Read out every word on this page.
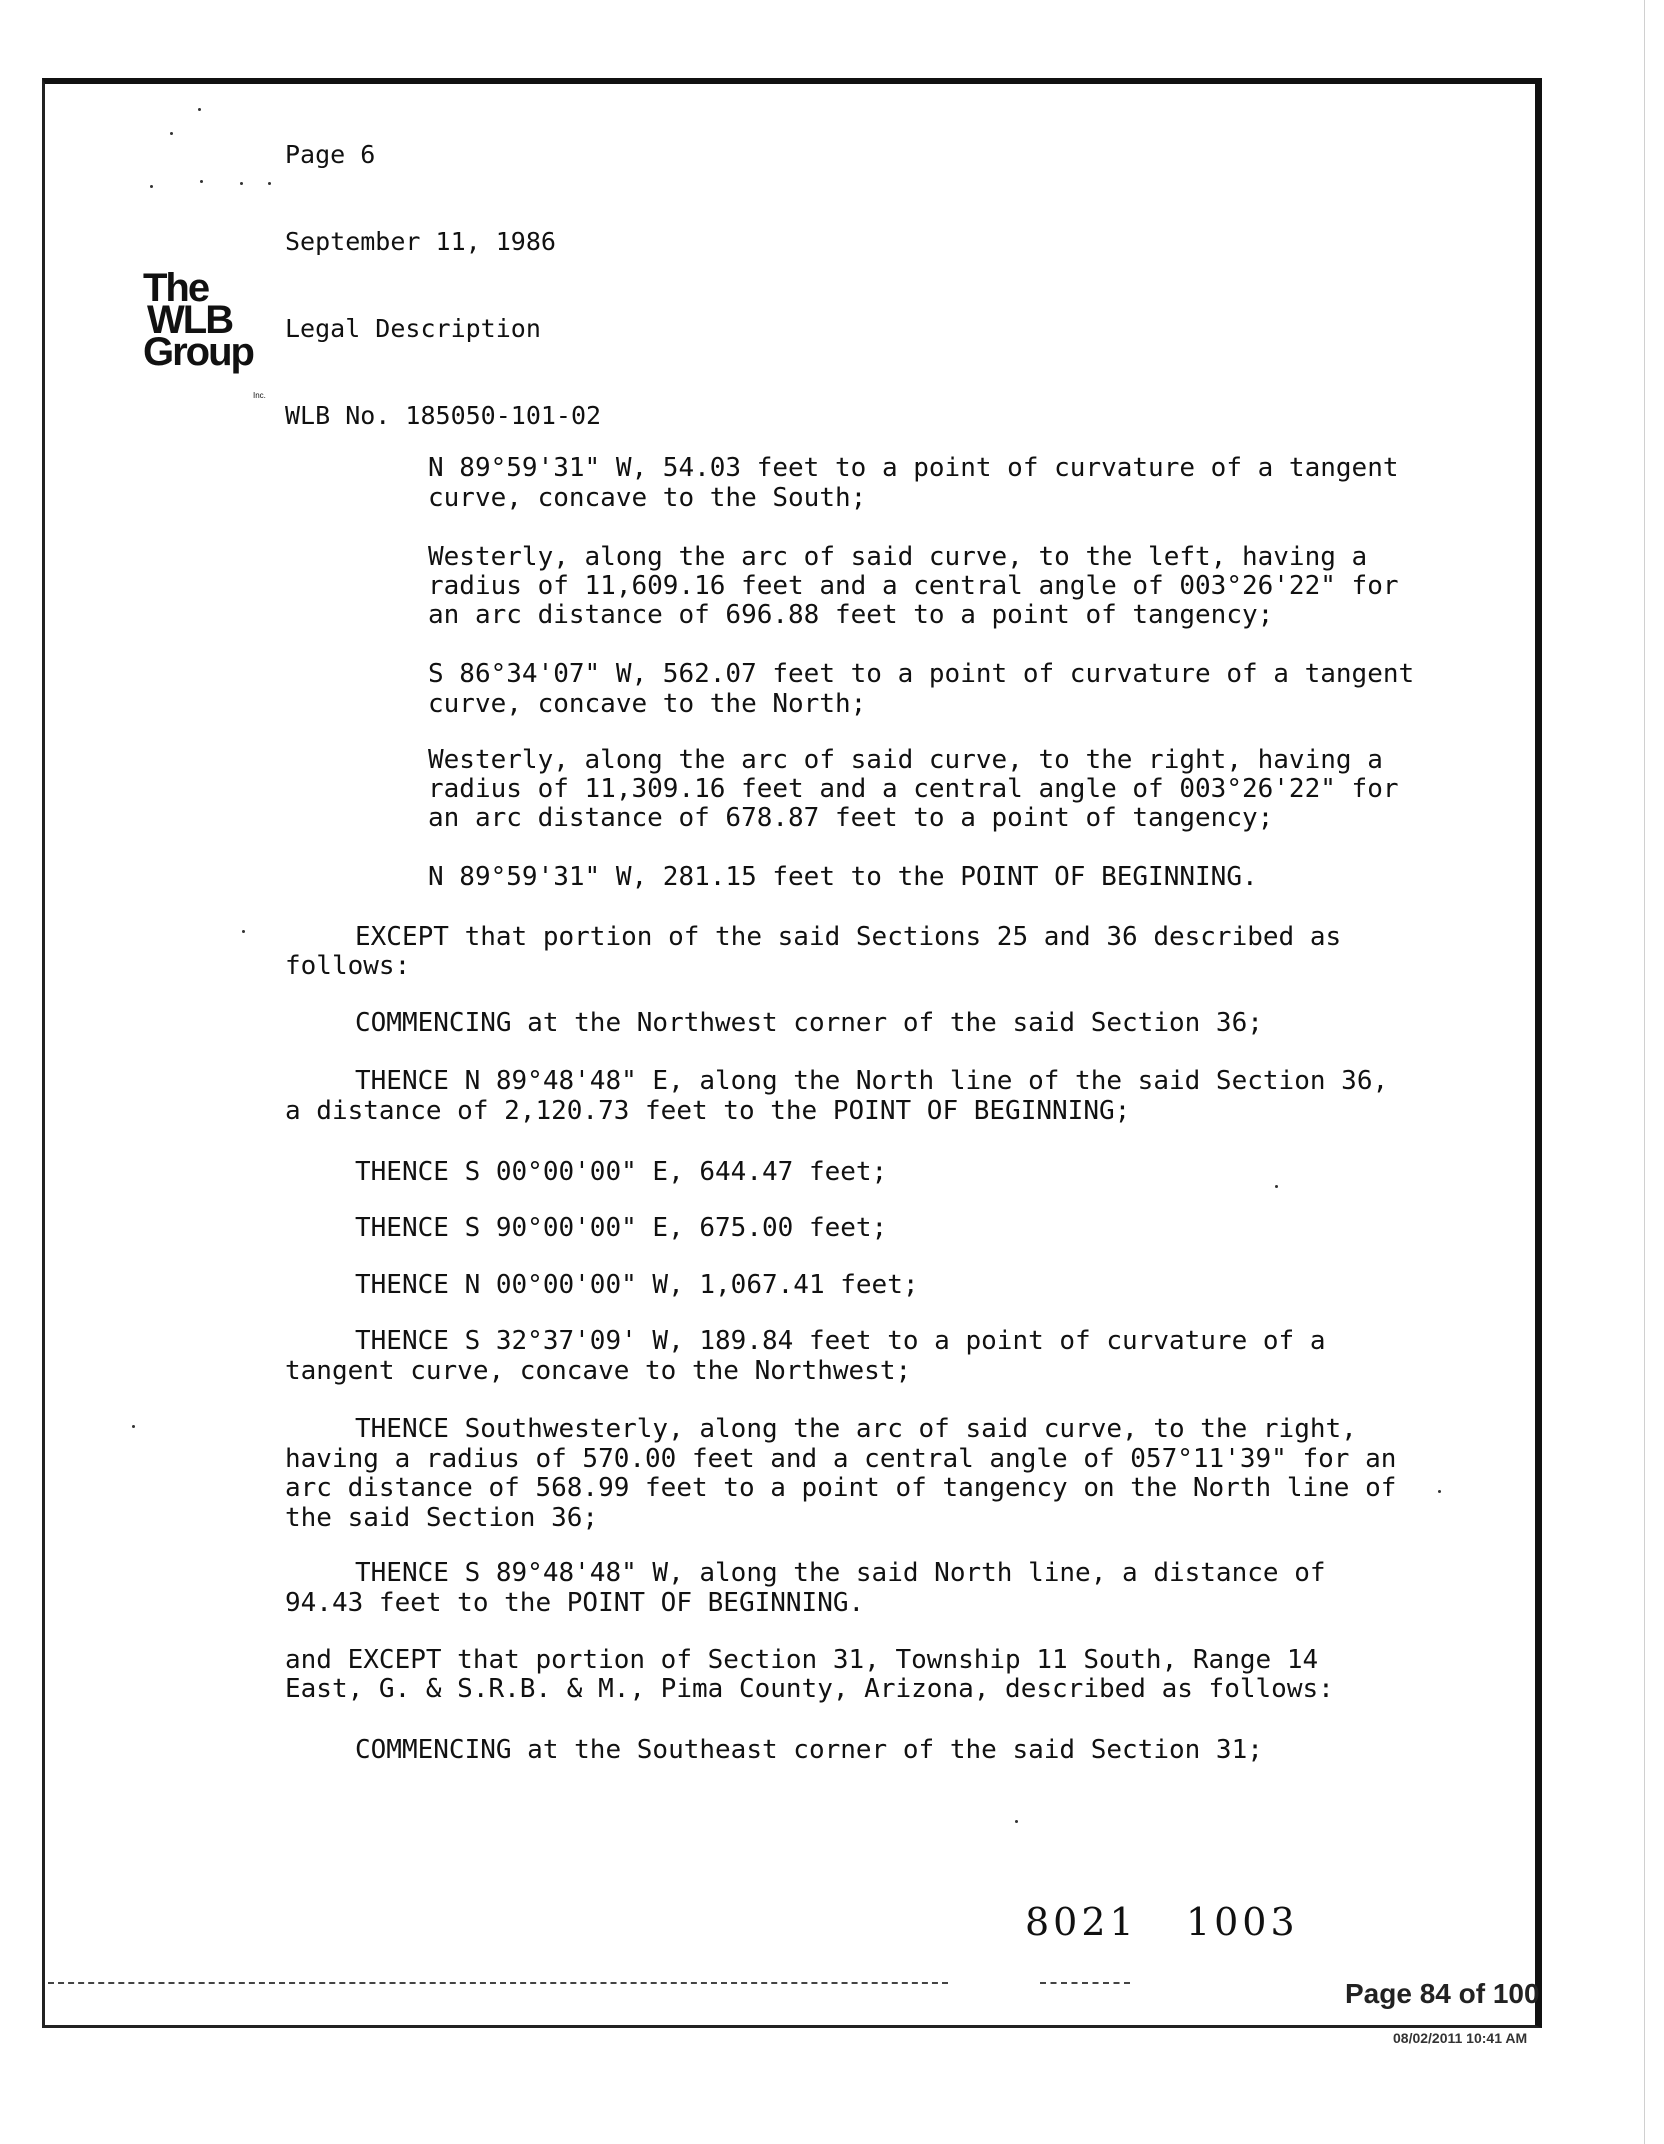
Page 6

September 11, 1986

Legal Description

WLB No. 185050-101-02

The
WLB
Group
Inc.
N 89°59'31" W, 54.03 feet to a point of curvature of a tangent
curve, concave to the South;
Westerly, along the arc of said curve, to the left, having a
radius of 11,609.16 feet and a central angle of 003°26'22" for
an arc distance of 696.88 feet to a point of tangency;
S 86°34'07" W, 562.07 feet to a point of curvature of a tangent
curve, concave to the North;
Westerly, along the arc of said curve, to the right, having a
radius of 11,309.16 feet and a central angle of 003°26'22" for
an arc distance of 678.87 feet to a point of tangency;
N 89°59'31" W, 281.15 feet to the POINT OF BEGINNING.
EXCEPT that portion of the said Sections 25 and 36 described as
follows:
COMMENCING at the Northwest corner of the said Section 36;
THENCE N 89°48'48" E, along the North line of the said Section 36,
a distance of 2,120.73 feet to the POINT OF BEGINNING;
THENCE S 00°00'00" E, 644.47 feet;
THENCE S 90°00'00" E, 675.00 feet;
THENCE N 00°00'00" W, 1,067.41 feet;
THENCE S 32°37'09' W, 189.84 feet to a point of curvature of a
tangent curve, concave to the Northwest;
THENCE Southwesterly, along the arc of said curve, to the right,
having a radius of 570.00 feet and a central angle of 057°11'39" for an
arc distance of 568.99 feet to a point of tangency on the North line of
the said Section 36;
THENCE S 89°48'48" W, along the said North line, a distance of
94.43 feet to the POINT OF BEGINNING.
and EXCEPT that portion of Section 31, Township 11 South, Range 14
East, G. & S.R.B. & M., Pima County, Arizona, described as follows:
COMMENCING at the Southeast corner of the said Section 31;
8021   1003
Page 84 of 100
08/02/2011 10:41 AM
